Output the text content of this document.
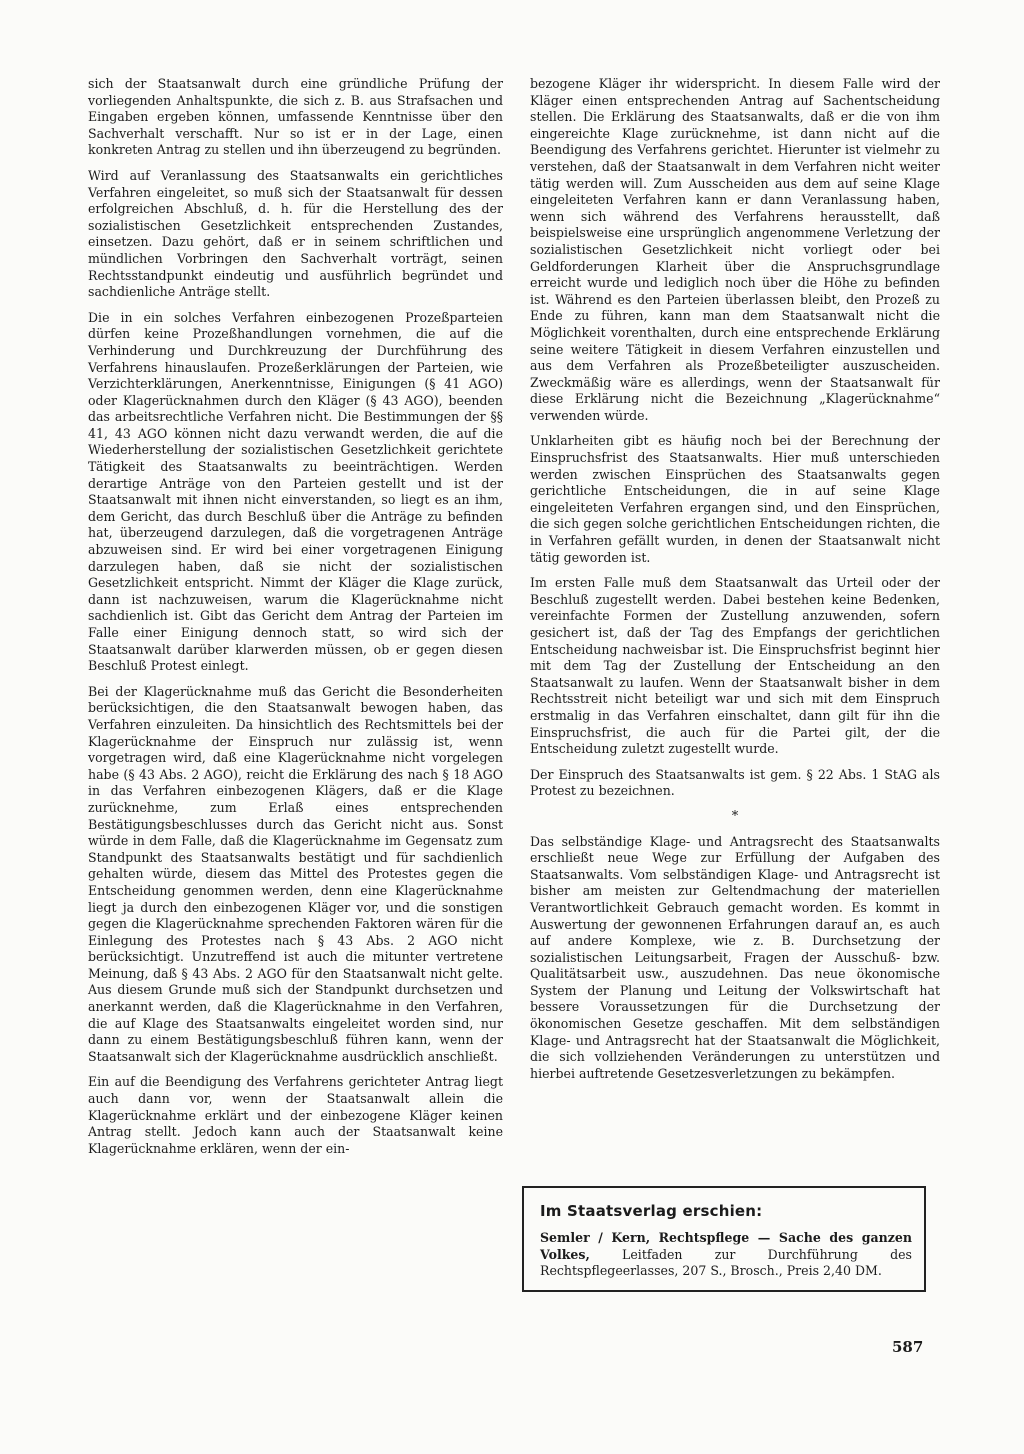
sich der Staatsanwalt durch eine gründliche Prüfung der vorliegenden Anhaltspunkte, die sich z. B. aus Strafsachen und Eingaben ergeben können, umfassende Kenntnisse über den Sachverhalt verschafft. Nur so ist er in der Lage, einen konkreten Antrag zu stellen und ihn überzeugend zu begründen.

Wird auf Veranlassung des Staatsanwalts ein gerichtliches Verfahren eingeleitet, so muß sich der Staatsanwalt für dessen erfolgreichen Abschluß, d. h. für die Herstellung des der sozialistischen Gesetzlichkeit entsprechenden Zustandes, einsetzen. Dazu gehört, daß er in seinem schriftlichen und mündlichen Vorbringen den Sachverhalt vorträgt, seinen Rechtsstandpunkt eindeutig und ausführlich begründet und sachdienliche Anträge stellt.

Die in ein solches Verfahren einbezogenen Prozeßparteien dürfen keine Prozeßhandlungen vornehmen, die auf die Verhinderung und Durchkreuzung der Durchführung des Verfahrens hinauslaufen. Prozeßerklärungen der Parteien, wie Verzichterklärungen, Anerkenntnisse, Einigungen (§ 41 AGO) oder Klagerücknahmen durch den Kläger (§ 43 AGO), beenden das arbeitsrechtliche Verfahren nicht. Die Bestimmungen der §§ 41, 43 AGO können nicht dazu verwandt werden, die auf die Wiederherstellung der sozialistischen Gesetzlichkeit gerichtete Tätigkeit des Staatsanwalts zu beeinträchtigen. Werden derartige Anträge von den Parteien gestellt und ist der Staatsanwalt mit ihnen nicht einverstanden, so liegt es an ihm, dem Gericht, das durch Beschluß über die Anträge zu befinden hat, überzeugend darzulegen, daß die vorgetragenen Anträge abzuweisen sind. Er wird bei einer vorgetragenen Einigung darzulegen haben, daß sie nicht der sozialistischen Gesetzlichkeit entspricht. Nimmt der Kläger die Klage zurück, dann ist nachzuweisen, warum die Klagerücknahme nicht sachdienlich ist. Gibt das Gericht dem Antrag der Parteien im Falle einer Einigung dennoch statt, so wird sich der Staatsanwalt darüber klarwerden müssen, ob er gegen diesen Beschluß Protest einlegt.

Bei der Klagerücknahme muß das Gericht die Besonderheiten berücksichtigen, die den Staatsanwalt bewogen haben, das Verfahren einzuleiten. Da hinsichtlich des Rechtsmittels bei der Klagerücknahme der Einspruch nur zulässig ist, wenn vorgetragen wird, daß eine Klagerücknahme nicht vorgelegen habe (§ 43 Abs. 2 AGO), reicht die Erklärung des nach § 18 AGO in das Verfahren einbezogenen Klägers, daß er die Klage zurücknehme, zum Erlaß eines entsprechenden Bestätigungsbeschlusses durch das Gericht nicht aus. Sonst würde in dem Falle, daß die Klagerücknahme im Gegensatz zum Standpunkt des Staatsanwalts bestätigt und für sachdienlich gehalten würde, diesem das Mittel des Protestes gegen die Entscheidung genommen werden, denn eine Klagerücknahme liegt ja durch den einbezogenen Kläger vor, und die sonstigen gegen die Klagerücknahme sprechenden Faktoren wären für die Einlegung des Protestes nach § 43 Abs. 2 AGO nicht berücksichtigt. Unzutreffend ist auch die mitunter vertretene Meinung, daß § 43 Abs. 2 AGO für den Staatsanwalt nicht gelte. Aus diesem Grunde muß sich der Standpunkt durchsetzen und anerkannt werden, daß die Klagerücknahme in den Verfahren, die auf Klage des Staatsanwalts eingeleitet worden sind, nur dann zu einem Bestätigungsbeschluß führen kann, wenn der Staatsanwalt sich der Klagerücknahme ausdrücklich anschließt.

Ein auf die Beendigung des Verfahrens gerichteter Antrag liegt auch dann vor, wenn der Staatsanwalt allein die Klagerücknahme erklärt und der einbezogene Kläger keinen Antrag stellt. Jedoch kann auch der Staatsanwalt keine Klagerücknahme erklären, wenn der ein-

bezogene Kläger ihr widerspricht. In diesem Falle wird der Kläger einen entsprechenden Antrag auf Sachentscheidung stellen. Die Erklärung des Staatsanwalts, daß er die von ihm eingereichte Klage zurücknehme, ist dann nicht auf die Beendigung des Verfahrens gerichtet. Hierunter ist vielmehr zu verstehen, daß der Staatsanwalt in dem Verfahren nicht weiter tätig werden will. Zum Ausscheiden aus dem auf seine Klage eingeleiteten Verfahren kann er dann Veranlassung haben, wenn sich während des Verfahrens herausstellt, daß beispielsweise eine ursprünglich angenommene Verletzung der sozialistischen Gesetzlichkeit nicht vorliegt oder bei Geldforderungen Klarheit über die Anspruchsgrundlage erreicht wurde und lediglich noch über die Höhe zu befinden ist. Während es den Parteien überlassen bleibt, den Prozeß zu Ende zu führen, kann man dem Staatsanwalt nicht die Möglichkeit vorenthalten, durch eine entsprechende Erklärung seine weitere Tätigkeit in diesem Verfahren einzustellen und aus dem Verfahren als Prozeßbeteiligter auszuscheiden. Zweckmäßig wäre es allerdings, wenn der Staatsanwalt für diese Erklärung nicht die Bezeichnung „Klagerücknahme“ verwenden würde.

Unklarheiten gibt es häufig noch bei der Berechnung der Einspruchsfrist des Staatsanwalts. Hier muß unterschieden werden zwischen Einsprüchen des Staatsanwalts gegen gerichtliche Entscheidungen, die in auf seine Klage eingeleiteten Verfahren ergangen sind, und den Einsprüchen, die sich gegen solche gerichtlichen Entscheidungen richten, die in Verfahren gefällt wurden, in denen der Staatsanwalt nicht tätig geworden ist.

Im ersten Falle muß dem Staatsanwalt das Urteil oder der Beschluß zugestellt werden. Dabei bestehen keine Bedenken, vereinfachte Formen der Zustellung anzuwenden, sofern gesichert ist, daß der Tag des Empfangs der gerichtlichen Entscheidung nachweisbar ist. Die Einspruchsfrist beginnt hier mit dem Tag der Zustellung der Entscheidung an den Staatsanwalt zu laufen. Wenn der Staatsanwalt bisher in dem Rechtsstreit nicht beteiligt war und sich mit dem Einspruch erstmalig in das Verfahren einschaltet, dann gilt für ihn die Einspruchsfrist, die auch für die Partei gilt, der die Entscheidung zuletzt zugestellt wurde.

Der Einspruch des Staatsanwalts ist gem. § 22 Abs. 1 StAG als Protest zu bezeichnen.

*

Das selbständige Klage- und Antragsrecht des Staatsanwalts erschließt neue Wege zur Erfüllung der Aufgaben des Staatsanwalts. Vom selbständigen Klage- und Antragsrecht ist bisher am meisten zur Geltendmachung der materiellen Verantwortlichkeit Gebrauch gemacht worden. Es kommt in Auswertung der gewonnenen Erfahrungen darauf an, es auch auf andere Komplexe, wie z. B. Durchsetzung der sozialistischen Leitungsarbeit, Fragen der Ausschuß- bzw. Qualitätsarbeit usw., auszudehnen. Das neue ökonomische System der Planung und Leitung der Volkswirtschaft hat bessere Voraussetzungen für die Durchsetzung der ökonomischen Gesetze geschaffen. Mit dem selbständigen Klage- und Antragsrecht hat der Staatsanwalt die Möglichkeit, die sich vollziehenden Veränderungen zu unterstützen und hierbei auftretende Gesetzesverletzungen zu bekämpfen.

Im Staatsverlag erschien:

Semler / Kern, Rechtspflege — Sache des ganzen Volkes, Leitfaden zur Durchführung des Rechtspflegeerlasses, 207 S., Brosch., Preis 2,40 DM.

587
